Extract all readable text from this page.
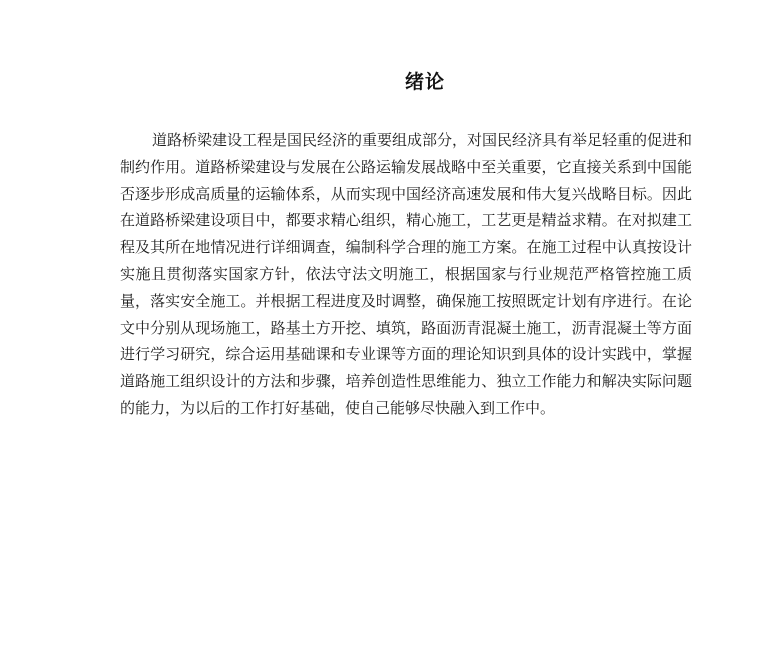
绪论

道路桥梁建设工程是国民经济的重要组成部分，对国民经济具有举足轻重的促进和制约作用。道路桥梁建设与发展在公路运输发展战略中至关重要，它直接关系到中国能否逐步形成高质量的运输体系，从而实现中国经济高速发展和伟大复兴战略目标。因此在道路桥梁建设项目中，都要求精心组织，精心施工，工艺更是精益求精。在对拟建工程及其所在地情况进行详细调查，编制科学合理的施工方案。在施工过程中认真按设计实施且贯彻落实国家方针，依法守法文明施工，根据国家与行业规范严格管控施工质量，落实安全施工。并根据工程进度及时调整，确保施工按照既定计划有序进行。在论文中分别从现场施工，路基土方开挖、填筑，路面沥青混凝土施工，沥青混凝土等方面进行学习研究，综合运用基础课和专业课等方面的理论知识到具体的设计实践中，掌握道路施工组织设计的方法和步骤，培养创造性思维能力、独立工作能力和解决实际问题的能力，为以后的工作打好基础，使自己能够尽快融入到工作中。
